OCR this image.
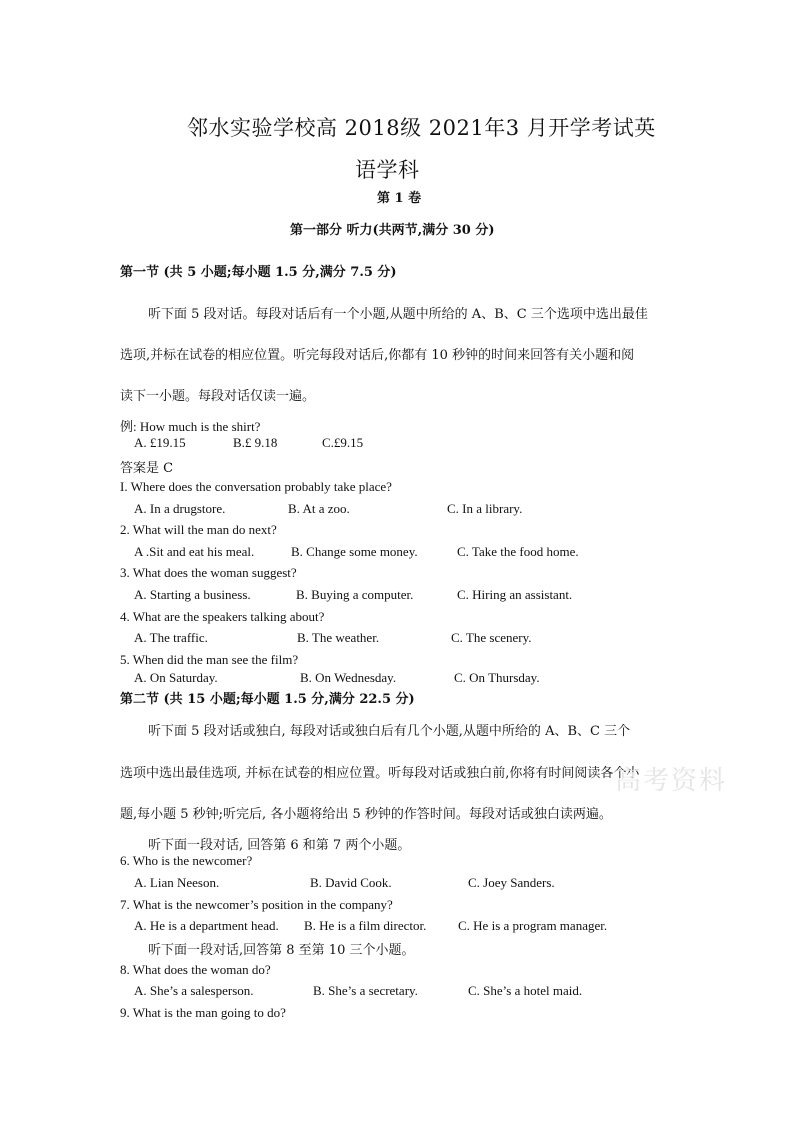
邻水实验学校高 2018级 2021年3 月开学考试英
语学科
第 1 卷
第一部分 听力(共两节,满分 30 分)
第一节 (共 5 小题;每小题 1.5 分,满分 7.5 分)
听下面 5 段对话。每段对话后有一个小题,从题中所给的 A、B、C 三个选项中选出最佳
选项,并标在试卷的相应位置。听完每段对话后,你都有 10 秒钟的时间来回答有关小题和阅
读下一小题。每段对话仅读一遍。
例: How much is the shirt?
A. £19.15	B.£ 9.18	C.£9.15
答案是 C
I. Where does the conversation probably take place?
A. In a drugstore.	B. At a zoo.	C. In a library.
2. What will the man do next?
A .Sit and eat his meal.	B. Change some money.	C. Take the food home.
3. What does the woman suggest?
A. Starting a business.	B. Buying a computer.	C. Hiring an assistant.
4. What are the speakers talking about?
A. The traffic.	B. The weather.	C. The scenery.
5. When did the man see the film?
A. On Saturday.	B. On Wednesday.	C. On Thursday.
第二节 (共 15 小题;每小题 1.5 分,满分 22.5 分)
听下面 5 段对话或独白, 每段对话或独白后有几个小题,从题中所给的 A、B、C 三个
选项中选出最佳选项, 并标在试卷的相应位置。听每段对话或独白前,你将有时间阅读各个小
高考资料
题,每小题 5 秒钟;听完后, 各小题将给出 5 秒钟的作答时间。每段对话或独白读两遍。
听下面一段对话, 回答第 6 和第 7 两个小题。
6. Who is the newcomer?
A. Lian Neeson.	B. David Cook.	C. Joey Sanders.
7. What is the newcomer’s position in the company?
A. He is a department head. B. He is a film director. C. He is a program manager.
听下面一段对话,回答第 8 至第 10 三个小题。
8. What does the woman do?
A. She’s a salesperson.	B. She’s a secretary.	C. She’s a hotel maid.
9. What is the man going to do?
